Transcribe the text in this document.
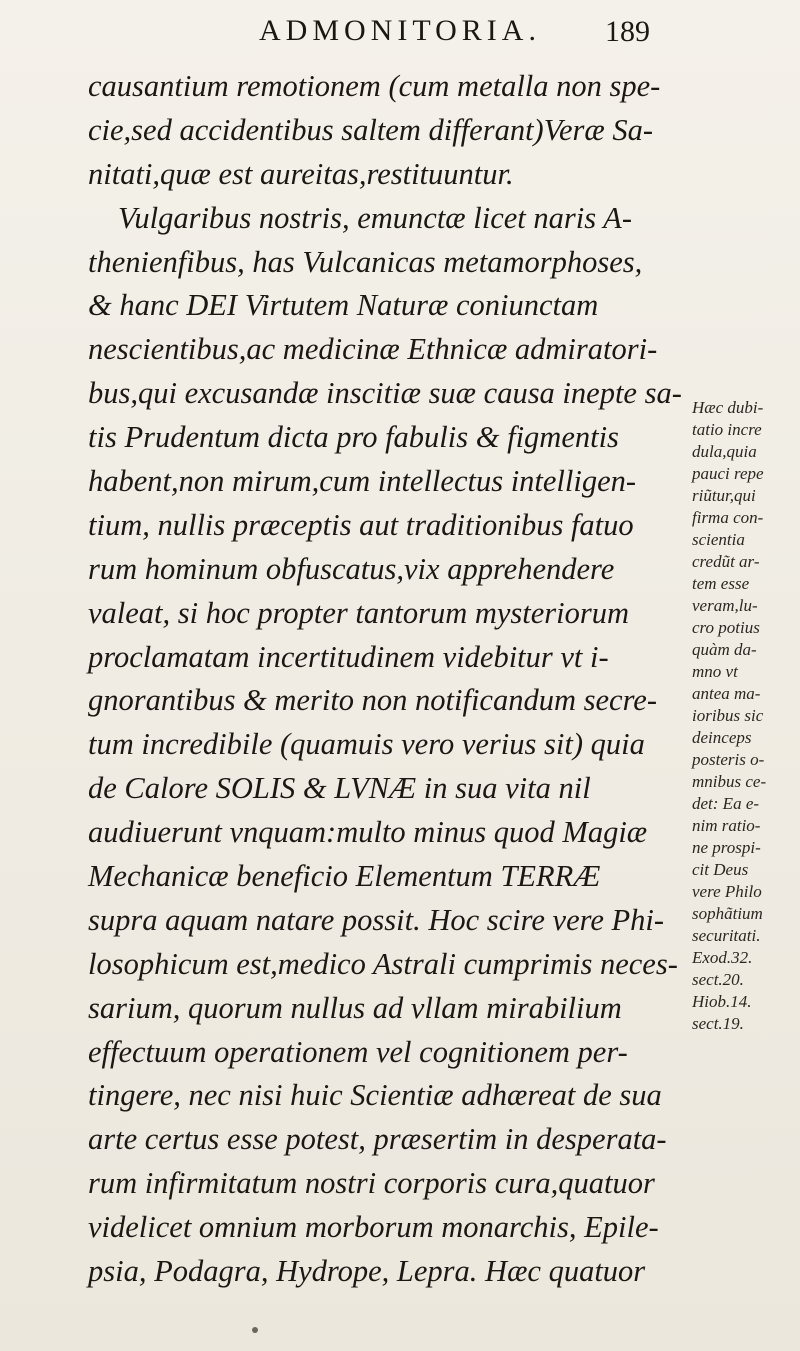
ADMONITORIA.	189
causantium remotionem (cum metalla non spe-
cie,sed accidentibus saltem differant)Veræ Sa-
nitati,quæ est aureitas,restituuntur.
Vulgaribus nostris, emunctæ licet naris A-
thenienfibus, has Vulcanicas metamorphoses,
& hanc DEI Virtutem Naturæ coniunctam
nescientibus,ac medicinæ Ethnicæ admiratori-
bus,qui excusandæ inscitiæ suæ causa inepte sa-
tis Prudentum dicta pro fabulis & figmentis
habent,non mirum,cum intellectus intelligen-
tium, nullis præceptis aut traditionibus fatuo
rum hominum obfuscatus,vix apprehendere
valeat, si hoc propter tantorum mysteriorum
proclamatam incertitudinem videbitur vt i-
gnorantibus & merito non notificandum secre-
tum incredibile (quamuis vero verius sit) quia
de Calore SOLIS & LVNÆ in sua vita nil
audiuerunt vnquam:multo minus quod Magiæ
Mechanicæ beneficio Elementum TERRÆ
supra aquam natare possit. Hoc scire vere Phi-
losophicum est,medico Astrali cumprimis neces-
sarium, quorum nullus ad vllam mirabilium
effectuum operationem vel cognitionem per-
tingere, nec nisi huic Scientiæ adhæreat de sua
arte certus esse potest, præsertim in desperata-
rum infirmitatum nostri corporis cura,quatuor
videlicet omnium morborum monarchis, Epile-
psia, Podagra, Hydrope, Lepra. Hæc quatuor
Hæc dubi-
tatio incre
dula,quia
pauci repe
riũtur,qui
firma con-
scientia
credũt ar-
tem esse
veram,lu-
cro potius
quàm da-
mno vt
antea ma-
ioribus sic
deinceps
posteris o-
mnibus ce-
det: Ea e-
nim ratio-
ne prospi-
cit Deus
vere Philo
sophãtium
securitati.
Exod.32.
sect.20.
Hiob.14.
sect.19.
